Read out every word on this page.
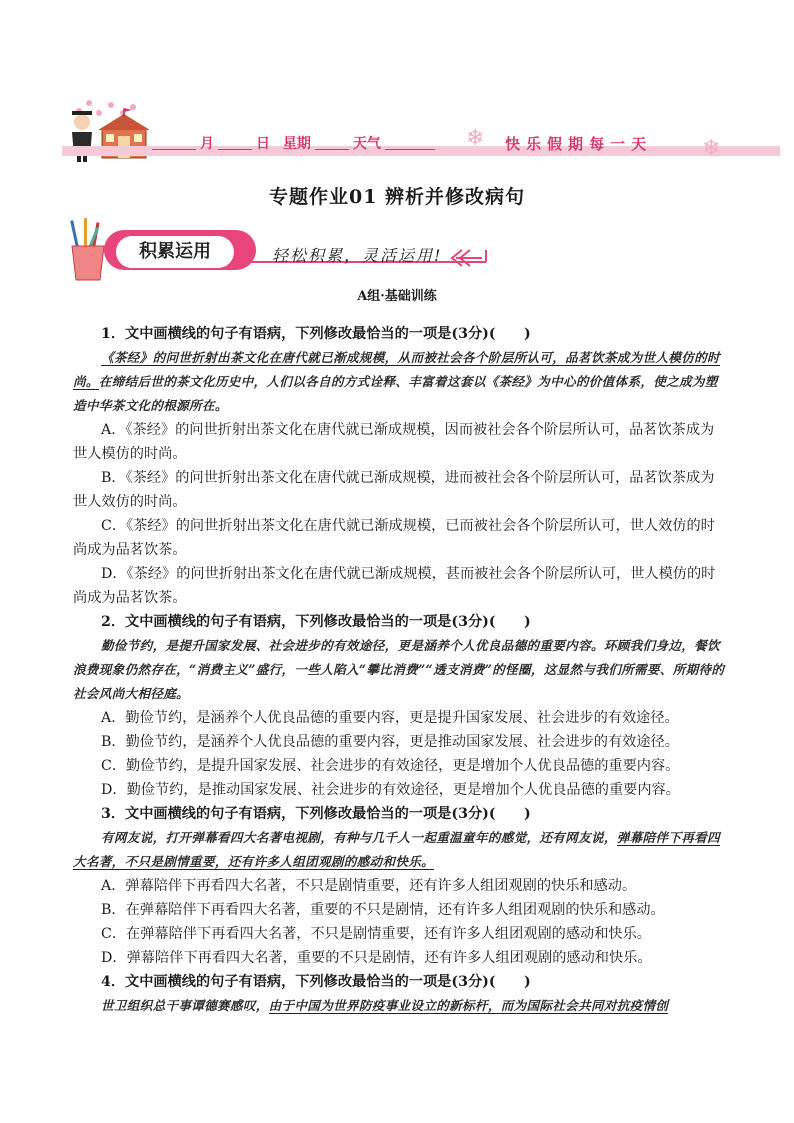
月	日 星期	天气	❄ 快 乐 假 期 每 一 天 ❄
专题作业01 辨析并修改病句
积累运用	轻松积累，灵活运用!
A组·基础训练

1．文中画横线的句子有语病，下列修改最恰当的一项是(3分)(　　)

《茶经》的问世折射出茶文化在唐代就已渐成规模，从而被社会各个阶层所认可，品茗饮茶成为世人模仿的时尚。在缔结后世的茶文化历史中，人们以各自的方式诠释、丰富着这套以《茶经》为中心的价值体系，使之成为塑造中华茶文化的根源所在。

A．《茶经》的问世折射出茶文化在唐代就已渐成规模，因而被社会各个阶层所认可，品茗饮茶成为世人模仿的时尚。

B．《茶经》的问世折射出茶文化在唐代就已渐成规模，进而被社会各个阶层所认可，品茗饮茶成为世人效仿的时尚。

C．《茶经》的问世折射出茶文化在唐代就已渐成规模，已而被社会各个阶层所认可，世人效仿的时尚成为品茗饮茶。

D．《茶经》的问世折射出茶文化在唐代就已渐成规模，甚而被社会各个阶层所认可，世人模仿的时尚成为品茗饮茶。

2．文中画横线的句子有语病，下列修改最恰当的一项是(3分)(　　)

勤俭节约，是提升国家发展、社会进步的有效途径，更是涵养个人优良品德的重要内容。环顾我们身边，餐饮浪费现象仍然存在，“消费主义”盛行，一些人陷入“攀比消费”“透支消费”的怪圈，这显然与我们所需要、所期待的社会风尚大相径庭。

A．勤俭节约，是涵养个人优良品德的重要内容，更是提升国家发展、社会进步的有效途径。

B．勤俭节约，是涵养个人优良品德的重要内容，更是推动国家发展、社会进步的有效途径。

C．勤俭节约，是提升国家发展、社会进步的有效途径，更是增加个人优良品德的重要内容。

D．勤俭节约，是推动国家发展、社会进步的有效途径，更是增加个人优良品德的重要内容。

3．文中画横线的句子有语病，下列修改最恰当的一项是(3分)(　　)

有网友说，打开弹幕看四大名著电视剧，有种与几千人一起重温童年的感觉，还有网友说，弹幕陪伴下再看四大名著，不只是剧情重要，还有许多人组团观剧的感动和快乐。

A．弹幕陪伴下再看四大名著，不只是剧情重要，还有许多人组团观剧的快乐和感动。

B．在弹幕陪伴下再看四大名著，重要的不只是剧情，还有许多人组团观剧的快乐和感动。

C．在弹幕陪伴下再看四大名著，不只是剧情重要，还有许多人组团观剧的感动和快乐。

D．弹幕陪伴下再看四大名著，重要的不只是剧情，还有许多人组团观剧的感动和快乐。

4．文中画横线的句子有语病，下列修改最恰当的一项是(3分)(　　)

世卫组织总干事谭德赛感叹，由于中国为世界防疫事业设立的新标杆，而为国际社会共同对抗疫情创
